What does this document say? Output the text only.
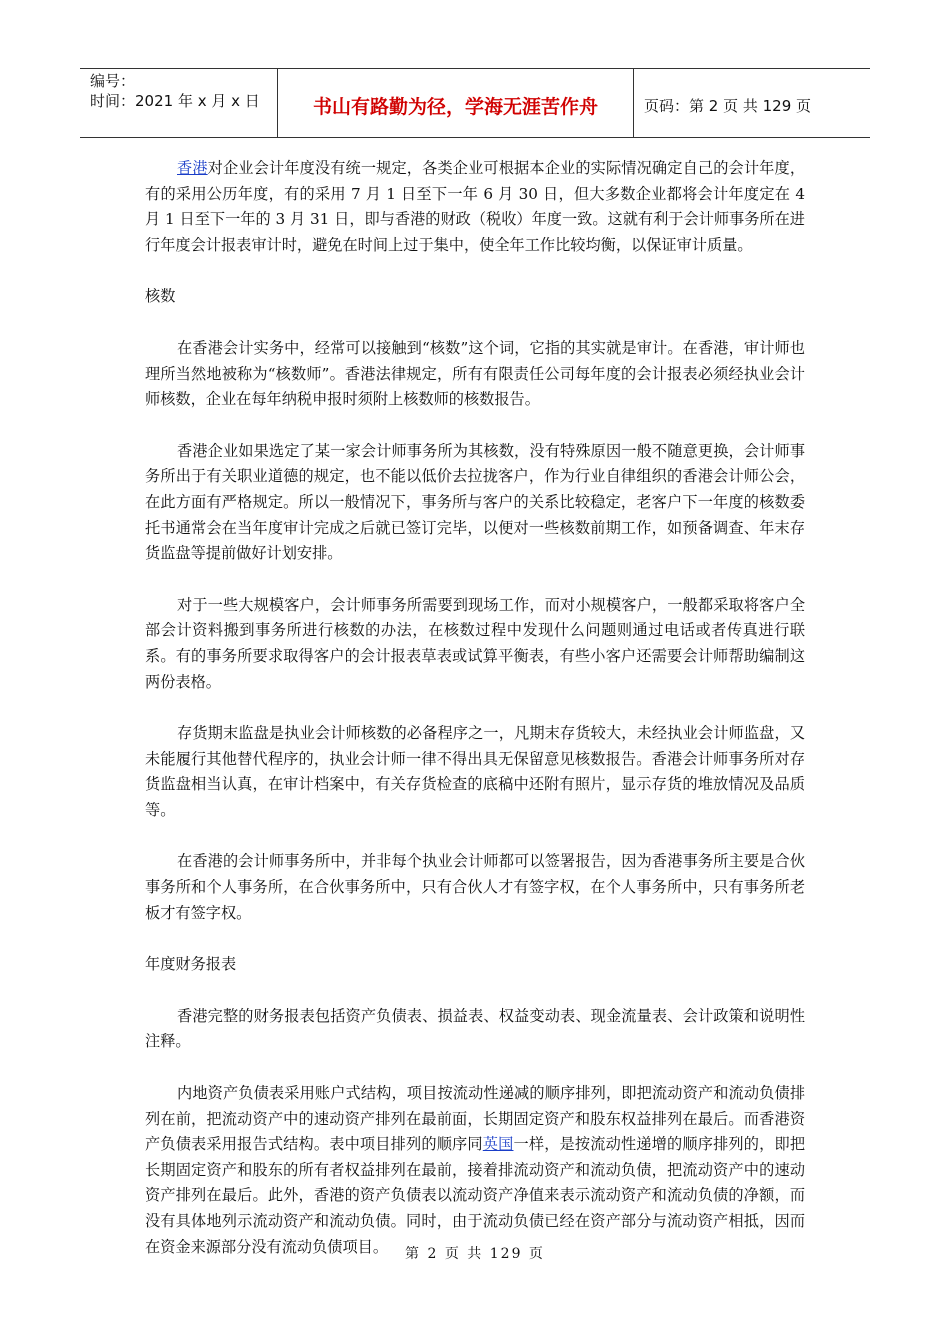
编号：
时间：2021 年 x 月 x 日	书山有路勤为径，学海无涯苦作舟	页码：第 2 页 共 129 页

香港对企业会计年度没有统一规定，各类企业可根据本企业的实际情况确定自己的会计年度，有的采用公历年度，有的采用 7 月 1 日至下一年 6 月 30 日，但大多数企业都将会计年度定在 4 月 1 日至下一年的 3 月 31 日，即与香港的财政（税收）年度一致。这就有利于会计师事务所在进行年度会计报表审计时，避免在时间上过于集中，使全年工作比较均衡，以保证审计质量。

核数

在香港会计实务中，经常可以接触到“核数”这个词，它指的其实就是审计。在香港，审计师也理所当然地被称为“核数师”。香港法律规定，所有有限责任公司每年度的会计报表必须经执业会计师核数，企业在每年纳税申报时须附上核数师的核数报告。

香港企业如果选定了某一家会计师事务所为其核数，没有特殊原因一般不随意更换，会计师事务所出于有关职业道德的规定，也不能以低价去拉拢客户，作为行业自律组织的香港会计师公会，在此方面有严格规定。所以一般情况下，事务所与客户的关系比较稳定，老客户下一年度的核数委托书通常会在当年度审计完成之后就已签订完毕，以便对一些核数前期工作，如预备调查、年末存货监盘等提前做好计划安排。

对于一些大规模客户，会计师事务所需要到现场工作，而对小规模客户，一般都采取将客户全部会计资料搬到事务所进行核数的办法，在核数过程中发现什么问题则通过电话或者传真进行联系。有的事务所要求取得客户的会计报表草表或试算平衡表，有些小客户还需要会计师帮助编制这两份表格。

存货期末监盘是执业会计师核数的必备程序之一，凡期末存货较大，未经执业会计师监盘，又未能履行其他替代程序的，执业会计师一律不得出具无保留意见核数报告。香港会计师事务所对存货监盘相当认真，在审计档案中，有关存货检查的底稿中还附有照片，显示存货的堆放情况及品质等。

在香港的会计师事务所中，并非每个执业会计师都可以签署报告，因为香港事务所主要是合伙事务所和个人事务所，在合伙事务所中，只有合伙人才有签字权，在个人事务所中，只有事务所老板才有签字权。

年度财务报表

香港完整的财务报表包括资产负债表、损益表、权益变动表、现金流量表、会计政策和说明性注释。

内地资产负债表采用账户式结构，项目按流动性递减的顺序排列，即把流动资产和流动负债排列在前，把流动资产中的速动资产排列在最前面，长期固定资产和股东权益排列在最后。而香港资产负债表采用报告式结构。表中项目排列的顺序同英国一样，是按流动性递增的顺序排列的，即把长期固定资产和股东的所有者权益排列在最前，接着排流动资产和流动负债，把流动资产中的速动资产排列在最后。此外，香港的资产负债表以流动资产净值来表示流动资产和流动负债的净额，而没有具体地列示流动资产和流动负债。同时，由于流动负债已经在资产部分与流动资产相抵，因而在资金来源部分没有流动负债项目。	第 2 页 共 129 页
